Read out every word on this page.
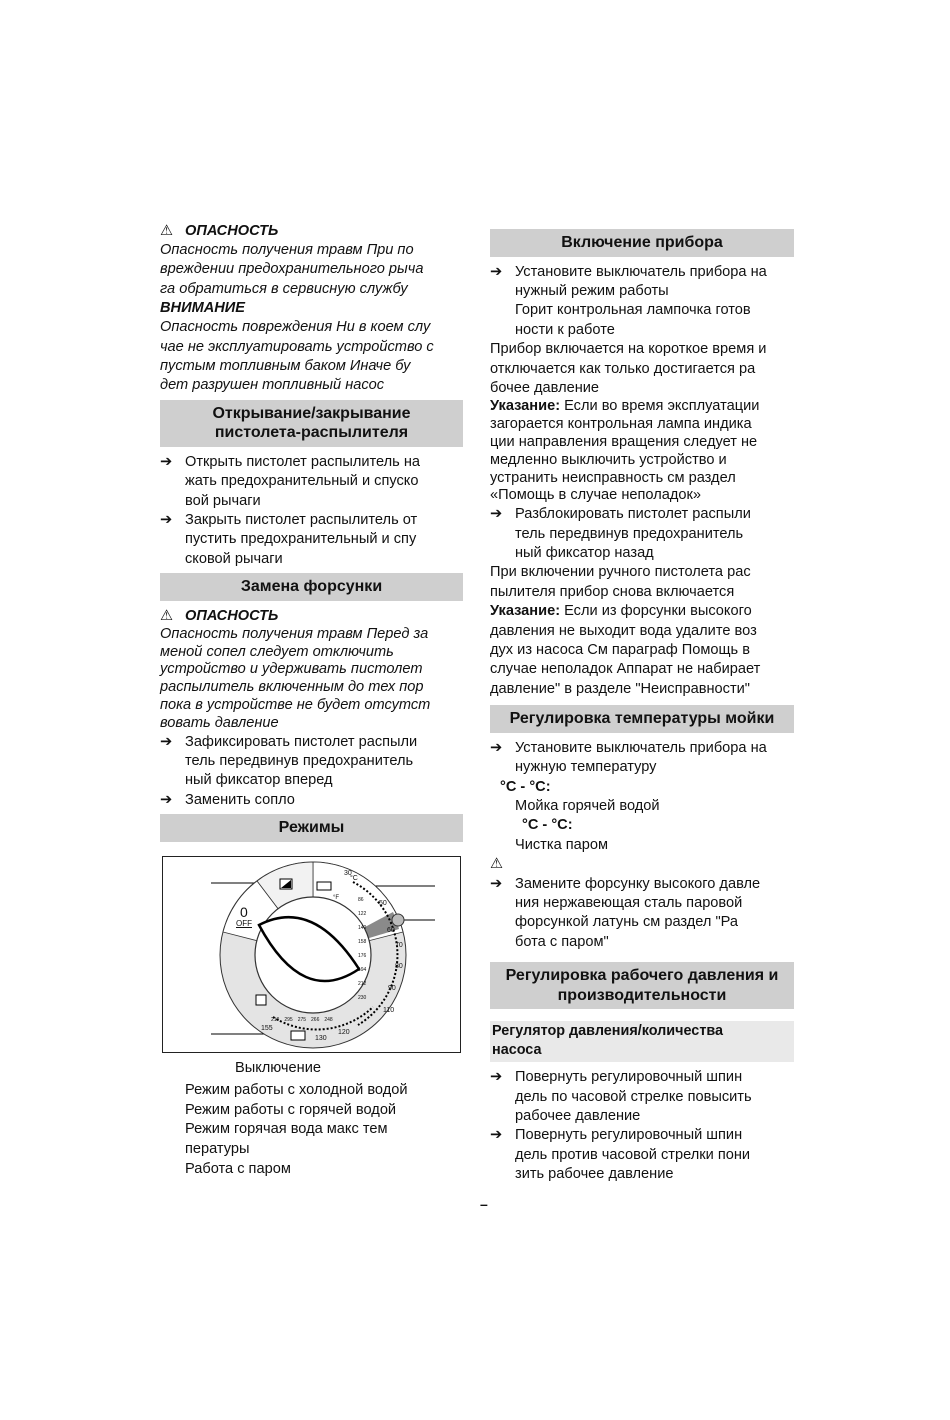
⚠ ОПАСНОСТЬ

Опасность получения травм При по
вреждении предохранительного рыча
га обратиться в сервисную службу

ВНИМАНИЕ

Опасность повреждения Ни в коем слу
чае не эксплуатировать устройство с
пустым топливным баком Иначе бу
дет разрушен топливный насос

Открывание/закрывание
пистолета-распылителя
➔ Открыть пистолет распылитель на
жать предохранительный и спуско
вой рычаги
➔ Закрыть пистолет распылитель от
пустить предохранительный и спу
сковой рычаги
Замена форсунки
⚠ ОПАСНОСТЬ

Опасность получения травм Перед за
меной сопел следует отключить
устройство и удерживать пистолет
распылитель включенным до тех пор
пока в устройстве не будет отсутст
вовать давление

➔ Зафиксировать пистолет распыли
тель передвинув предохранитель
ный фиксатор вперед
➔ Заменить сопло
Режимы
0
OFF
°C
°F
30
50
60
70
80
90
110
120
130
155
210 295 275 266 248
86
122
140
158
176
194
212
230
Выключение
Режим работы с холодной водой
Режим работы с горячей водой
Режим горячая вода макс тем
пературы
Работа с паром
Включение прибора
➔ Установите выключатель прибора на
нужный режим работы
Горит контрольная лампочка готов
ности к работе

Прибор включается на короткое время и
отключается как только достигается ра
бочее давление

Указание: Если во время эксплуатации
загорается контрольная лампа индика
ции направления вращения следует не
медленно выключить устройство и
устранить неисправность см раздел
«Помощь в случае неполадок»

➔ Разблокировать пистолет распыли
тель передвинув предохранитель
ный фиксатор назад

При включении ручного пистолета рас
пылителя прибор снова включается

Указание: Если из форсунки высокого
давления не выходит вода удалите воз
дух из насоса См параграф Помощь в
случае неполадок Аппарат не набирает
давление" в разделе "Неисправности"

Регулировка температуры мойки
➔ Установите выключатель прибора на
нужную температуру
°C - °C:
Мойка горячей водой
°C - °C:
Чистка паром
⚠
➔ Замените форсунку высокого давле
ния нержавеющая сталь паровой
форсункой латунь см раздел "Ра
бота с паром"
Регулировка рабочего давления и
производительности
Регулятор давления/количества
насоса
➔ Повернуть регулировочный шпин
дель по часовой стрелке повысить
рабочее давление
➔ Повернуть регулировочный шпин
дель против часовой стрелки пони
зить рабочее давление
–
